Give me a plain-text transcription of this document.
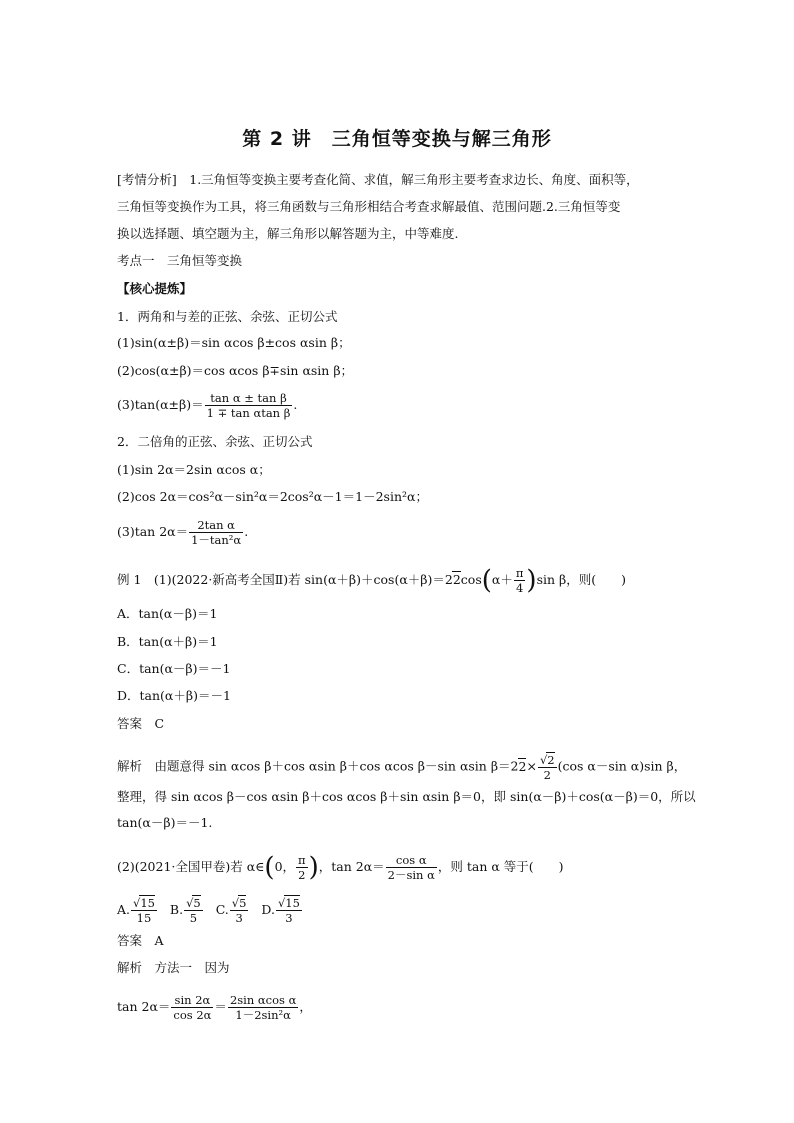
第 2 讲　三角恒等变换与解三角形
[考情分析]　1.三角恒等变换主要考查化简、求值，解三角形主要考查求边长、角度、面积等，
三角恒等变换作为工具，将三角函数与三角形相结合考查求解最值、范围问题.2.三角恒等变
换以选择题、填空题为主，解三角形以解答题为主，中等难度.
考点一　三角恒等变换
【核心提炼】
1．两角和与差的正弦、余弦、正切公式
(1)sin(α±β)＝sin αcos β±cos αsin β；
(2)cos(α±β)＝cos αcos β∓sin αsin β；
$(3)\tan(\alpha\pm\beta)= \frac{\text{tan α ± tan β}}{\text{1 ∓ tan αtan β}}$ .
2．二倍角的正弦、余弦、正切公式
(1)sin 2α＝2sin αcos α；
(2)cos 2α＝cos²α－sin²α＝2cos²α－1＝1－2sin²α；
(3)tan $2\alpha= \frac{\text{2tan α}}{\text{1－tan²α}}$ .
例 1　(1)(2022·新高考全国Ⅱ)若 $\sin(\alpha+\beta)+\cos(\alpha+\beta)=22\cos(\alpha+ \frac{\pi}{4} )\sin$ β，则(　　)
A．tan(α－β)＝1
B．tan(α＋β)＝1
C．tan(α－β)＝－1
D．tan(α＋β)＝－1
答案　C
解析　由题意得 sin αcos β＋cos αsin β＋cos αcos β－sin αsin $\beta=22\times \frac{√2}{2} (\cos$ α－sin α)sin β，
整理，得 sin αcos β－cos αsin β＋cos αcos β＋sin αsin β＝0，即 sin(α－β)＋cos(α－β)＝0，所以
tan(α－β)＝－1.
(2)(2021·全国甲卷)若 α∈(0， $\frac{\pi}{2}$ )，$\tan 2\alpha= \frac{\text{cos α}}{\text{2－sin α}}$ ，则 tan α 等于(　　)
A. $\frac{√15}{15} B$. $\frac{√5}{5} C$. $\frac{√5}{3} D$. $\frac{√15}{3}$
答案　A
解析　方法一　因为
$\tan 2\alpha= \frac{\sin 2\alpha}{\cos 2\alpha} = \frac{\text{2sin αcos α}}{\text{1－2sin²α}}$ ，
